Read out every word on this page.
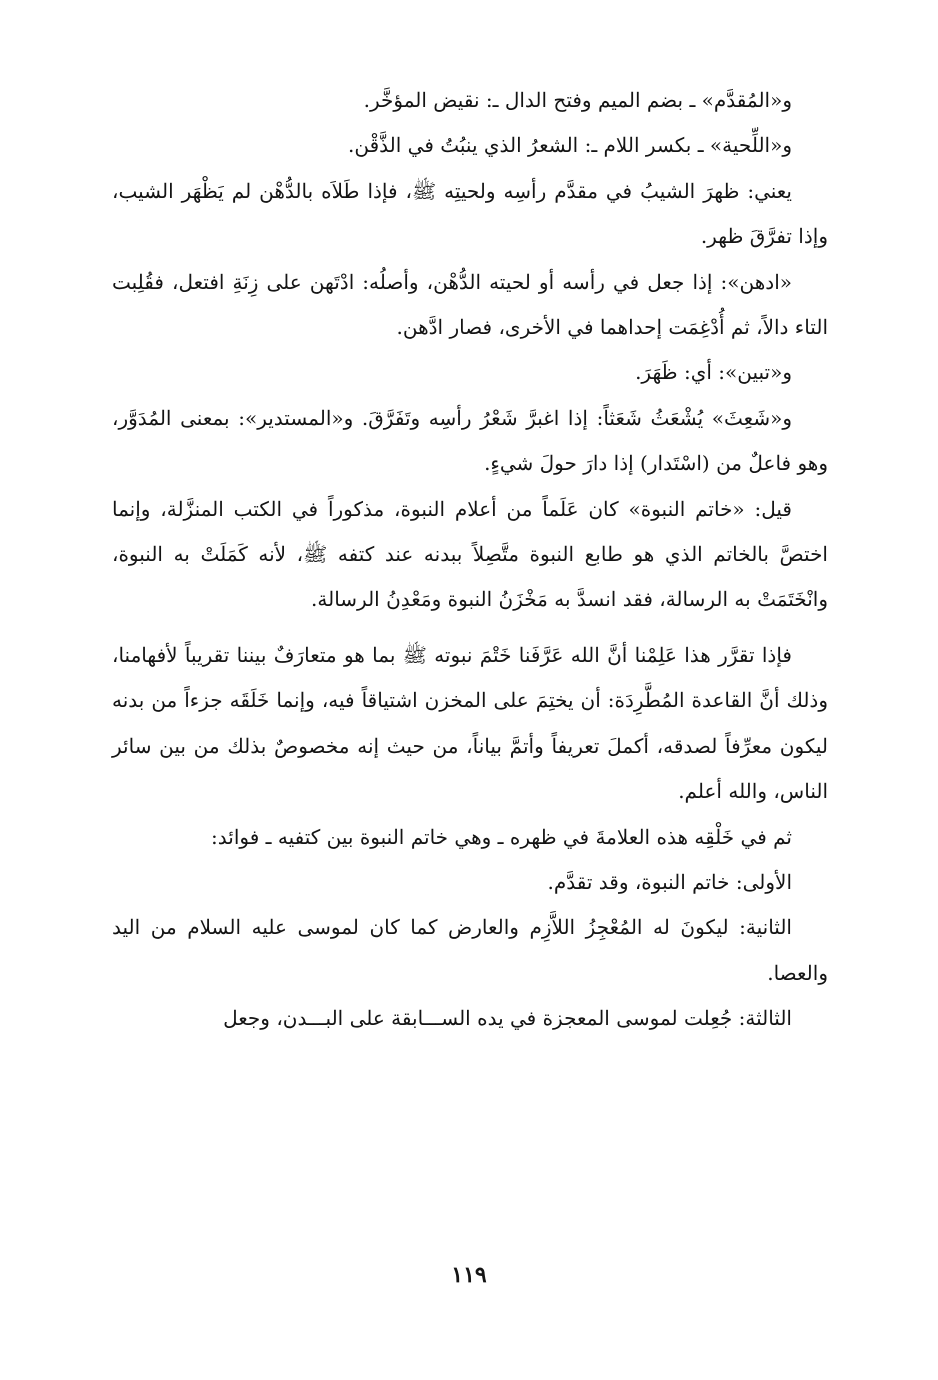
و«المُقدَّم» ـ بضم الميم وفتح الدال ـ: نقيض المؤخَّر.

و«اللِّحية» ـ بكسر اللام ـ: الشعرُ الذي ينبُتُ في الذَّقْن.

يعني: ظهرَ الشيبُ في مقدَّم رأسِه ولحيتِه ﷺ، فإذا طَلاَه بالدُّهْن لم يَظْهَر الشيب، وإذا تفرَّقَ ظهر.

«ادهن»: إذا جعل في رأسه أو لحيته الدُّهْن، وأصلُه: ادْتَهن على زِنَةِ افتعل، فقُلِبت التاء دالاً، ثم أُدْغِمَت إحداهما في الأخرى، فصار ادَّهن.

و«تبين»: أي: ظَهَرَ.

و«شَعِثَ» يُشْعَثُ شَعَثاً: إذا اغبرَّ شَعْرُ رأسِه وتَفَرَّقَ. و«المستدير»: بمعنى المُدَوَّر، وهو فاعلٌ من (اسْتَدار) إذا دارَ حولَ شيءٍ.

قيل: «خاتم النبوة» كان عَلَماً من أعلام النبوة، مذكوراً في الكتب المنزَّلة، وإنما اختصَّ بالخاتم الذي هو طابع النبوة متَّصِلاً ببدنه عند كتفه ﷺ، لأنه كَمَلَتْ به النبوة، وانْخَتَمَتْ به الرسالة، فقد انسدَّ به مَخْزَنُ النبوة ومَعْدِنُ الرسالة.

فإذا تقرَّر هذا عَلِمْنا أنَّ الله عَرَّفَنا خَتْمَ نبوته ﷺ بما هو متعارَفٌ بيننا تقريباً لأفهامنا، وذلك أنَّ القاعدة المُطَّرِدَة: أن يختِمَ على المخزن اشتياقاً فيه، وإنما خَلَقَه جزءاً من بدنه ليكون معرِّفاً لصدقه، أكملَ تعريفاً وأتمَّ بياناً، من حيث إنه مخصوصٌ بذلك من بين سائر الناس، والله أعلم.

ثم في خَلْقِه هذه العلامةَ في ظهره ـ وهي خاتم النبوة بين كتفيه ـ فوائد:

الأولى: خاتم النبوة، وقد تقدَّم.

الثانية: ليكونَ له المُعْجِزُ اللاَّزِم والعارض كما كان لموسى عليه السلام من اليد والعصا.

الثالثة: جُعِلت لموسى المعجزة في يده الســـابقة على البـــدن، وجعل

١١٩
